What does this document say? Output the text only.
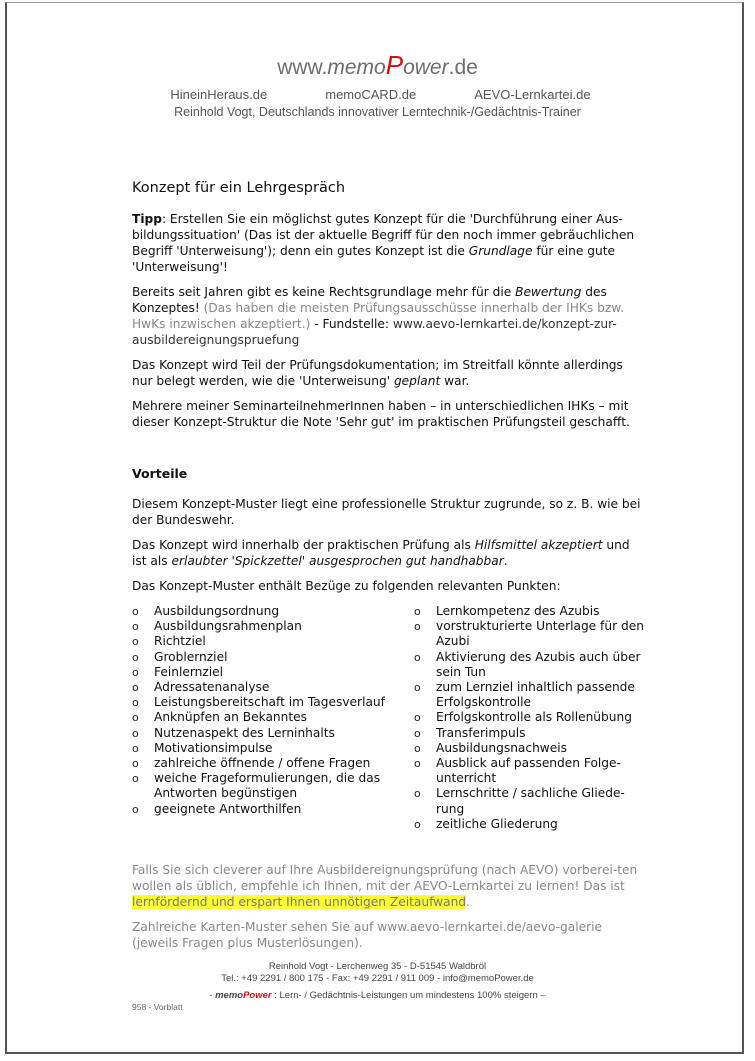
www.memoPower.de
HineinHeraus.de	memoCARD.de	AEVO-Lernkartei.de
Reinhold Vogt, Deutschlands innovativer Lerntechnik-/Gedächtnis-Trainer
Konzept für ein Lehrgespräch

Tipp: Erstellen Sie ein möglichst gutes Konzept für die 'Durchführung einer Aus-bildungssituation' (Das ist der aktuelle Begriff für den noch immer gebräuchlichen Begriff 'Unterweisung'); denn ein gutes Konzept ist die Grundlage für eine gute 'Unterweisung'!

Bereits seit Jahren gibt es keine Rechtsgrundlage mehr für die Bewertung des Konzeptes! (Das haben die meisten Prüfungsausschüsse innerhalb der IHKs bzw. HwKs inzwischen akzeptiert.) - Fundstelle: www.aevo-lernkartei.de/konzept-zur-ausbildereignungspruefung

Das Konzept wird Teil der Prüfungsdokumentation; im Streitfall könnte allerdings nur belegt werden, wie die 'Unterweisung' geplant war.

Mehrere meiner SeminarteilnehmerInnen haben – in unterschiedlichen IHKs – mit dieser Konzept-Struktur die Note 'Sehr gut' im praktischen Prüfungsteil geschafft.

Vorteile

Diesem Konzept-Muster liegt eine professionelle Struktur zugrunde, so z. B. wie bei der Bundeswehr.

Das Konzept wird innerhalb der praktischen Prüfung als Hilfsmittel akzeptiert und ist als erlaubter 'Spickzettel' ausgesprochen gut handhabbar.

Das Konzept-Muster enthält Bezüge zu folgenden relevanten Punkten:

o Ausbildungsordnung
o Ausbildungsrahmenplan
o Richtziel
o Groblernziel
o Feinlernziel
o Adressatenanalyse
o Leistungsbereitschaft im Tagesverlauf
o Anknüpfen an Bekanntes
o Nutzenaspekt des Lerninhalts
o Motivationsimpulse
o zahlreiche öffnende / offene Fragen
o weiche Frageformulierungen, die das Antworten begünstigen
o geeignete Antworthilfen
o Lernkompetenz des Azubis
o vorstrukturierte Unterlage für den Azubi
o Aktivierung des Azubis auch über sein Tun
o zum Lernziel inhaltlich passende Erfolgskontrolle
o Erfolgskontrolle als Rollenübung
o Transferimpuls
o Ausbildungsnachweis
o Ausblick auf passenden Folge-unterricht
o Lernschritte / sachliche Gliede-rung
o zeitliche Gliederung

Falls Sie sich cleverer auf Ihre Ausbildereignungsprüfung (nach AEVO) vorberei-ten wollen als üblich, empfehle ich Ihnen, mit der AEVO-Lernkartei zu lernen! Das ist lernfördernd und erspart Ihnen unnötigen Zeitaufwand.

Zahlreiche Karten-Muster sehen Sie auf www.aevo-lernkartei.de/aevo-galerie (jeweils Fragen plus Musterlösungen).

Reinhold Vogt - Lerchenweg 35 - D-51545 Waldbröl
Tel.: +49 2291 / 800 175 - Fax: +49 2291 / 911 009 - info@memoPower.de
- memoPower : Lern- / Gedächtnis-Leistungen um mindestens 100% steigern –
958 - Vorblatt
